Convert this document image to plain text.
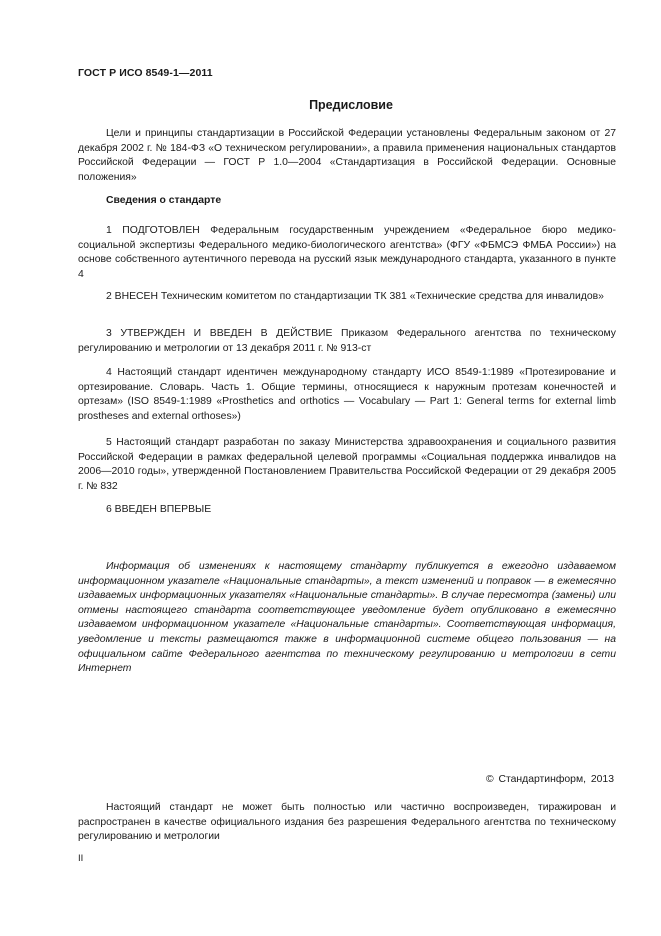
ГОСТ Р ИСО 8549-1—2011
Предисловие

Цели и принципы стандартизации в Российской Федерации установлены Федеральным законом от 27 декабря 2002 г. № 184-ФЗ «О техническом регулировании», а правила применения национальных стандартов Российской Федерации — ГОСТ Р 1.0—2004 «Стандартизация в Российской Федерации. Основные положения»

Сведения о стандарте

1 ПОДГОТОВЛЕН Федеральным государственным учреждением «Федеральное бюро медико-социальной экспертизы Федерального медико-биологического агентства» (ФГУ «ФБМСЭ ФМБА России») на основе собственного аутентичного перевода на русский язык международного стандарта, указанного в пункте 4

2 ВНЕСЕН Техническим комитетом по стандартизации ТК 381 «Технические средства для инвалидов»

3 УТВЕРЖДЕН И ВВЕДЕН В ДЕЙСТВИЕ Приказом Федерального агентства по техническому регулированию и метрологии от 13 декабря 2011 г. № 913-ст

4 Настоящий стандарт идентичен международному стандарту ИСО 8549-1:1989 «Протезирование и ортезирование. Словарь. Часть 1. Общие термины, относящиеся к наружным протезам конечностей и ортезам» (ISO 8549-1:1989 «Prosthetics and orthotics — Vocabulary — Part 1: General terms for external limb prostheses and external orthoses»)

5 Настоящий стандарт разработан по заказу Министерства здравоохранения и социального развития Российской Федерации в рамках федеральной целевой программы «Социальная поддержка инвалидов на 2006—2010 годы», утвержденной Постановлением Правительства Российской Федерации от 29 декабря 2005 г. № 832

6 ВВЕДЕН ВПЕРВЫЕ

Информация об изменениях к настоящему стандарту публикуется в ежегодно издаваемом информационном указателе «Национальные стандарты», а текст изменений и поправок — в ежемесячно издаваемых информационных указателях «Национальные стандарты». В случае пересмотра (замены) или отмены настоящего стандарта соответствующее уведомление будет опубликовано в ежемесячно издаваемом информационном указателе «Национальные стандарты». Соответствующая информация, уведомление и тексты размещаются также в информационной системе общего пользования — на официальном сайте Федерального агентства по техническому регулированию и метрологии в сети Интернет

© Стандартинформ, 2013

Настоящий стандарт не может быть полностью или частично воспроизведен, тиражирован и распространен в качестве официального издания без разрешения Федерального агентства по техническому регулированию и метрологии

II
